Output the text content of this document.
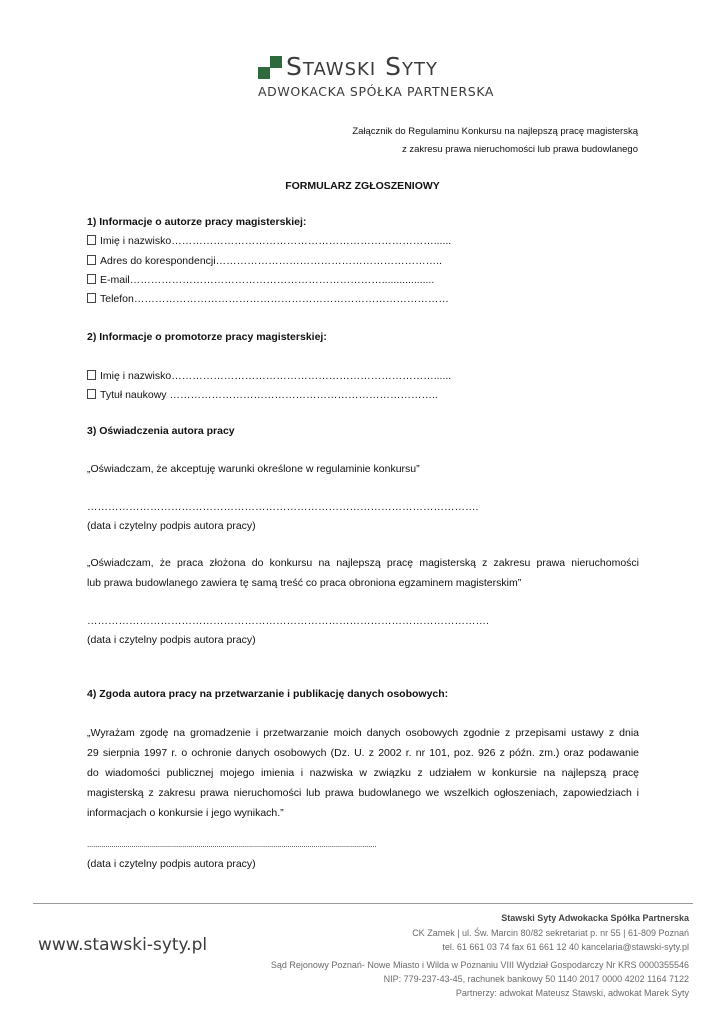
Stawski Syty
ADWOKACKA SPÓŁKA PARTNERSKA
Załącznik do Regulaminu Konkursu na najlepszą pracę magisterską
z zakresu prawa nieruchomości lub prawa budowlanego
FORMULARZ ZGŁOSZENIOWY
1) Informacje o autorze pracy magisterskiej:
Imię i nazwisko…………………………………………………………………......
Adres do korespondencji………………………………………………………..
E-mail………………………………………………………………..................
Telefon………………………………………………………………………………
2) Informacje o promotorze pracy magisterskiej:
Imię i nazwisko…………………………………………………………………......
Tytuł naukowy …………………………………………………………………..
3) Oświadczenia autora pracy
„Oświadczam, że akceptuję warunki określone w regulaminie konkursu”
………………………………………………………………………………………………….
(data i czytelny podpis autora pracy)

„Oświadczam, że praca złożona do konkursu na najlepszą pracę magisterską z zakresu prawa nieruchomości

lub prawa budowlanego zawiera tę samą treść co praca obroniona egzaminem magisterskim”

…………………………………………………………………………………………………….
(data i czytelny podpis autora pracy)
4) Zgoda autora pracy na przetwarzanie i publikację danych osobowych:

„Wyrażam zgodę na gromadzenie i przetwarzanie moich danych osobowych zgodnie z przepisami ustawy z dnia

29 sierpnia 1997 r. o ochronie danych osobowych (Dz. U. z 2002 r. nr 101, poz. 926 z późn. zm.) oraz podawanie

do wiadomości publicznej mojego imienia i nazwiska w związku z udziałem w konkursie na najlepszą pracę

magisterską z zakresu prawa nieruchomości lub prawa budowlanego we wszelkich ogłoszeniach, zapowiedziach i

informacjach o konkursie i jego wynikach.”

...............................................................................................................................................
(data i czytelny podpis autora pracy)
www.stawski-syty.pl
Stawski Syty Adwokacka Spółka Partnerska
CK Zamek | ul. Św. Marcin 80/82 sekretariat p. nr 55 | 61-809 Poznań
tel. 61 661 03 74 fax 61 661 12 40 kancelaria@stawski-syty.pl
Sąd Rejonowy Poznań- Nowe Miasto i Wilda w Poznaniu VIII Wydział Gospodarczy Nr KRS 0000355546
NIP: 779-237-43-45, rachunek bankowy 50 1140 2017 0000 4202 1164 7122
Partnerzy: adwokat Mateusz Stawski, adwokat Marek Syty
